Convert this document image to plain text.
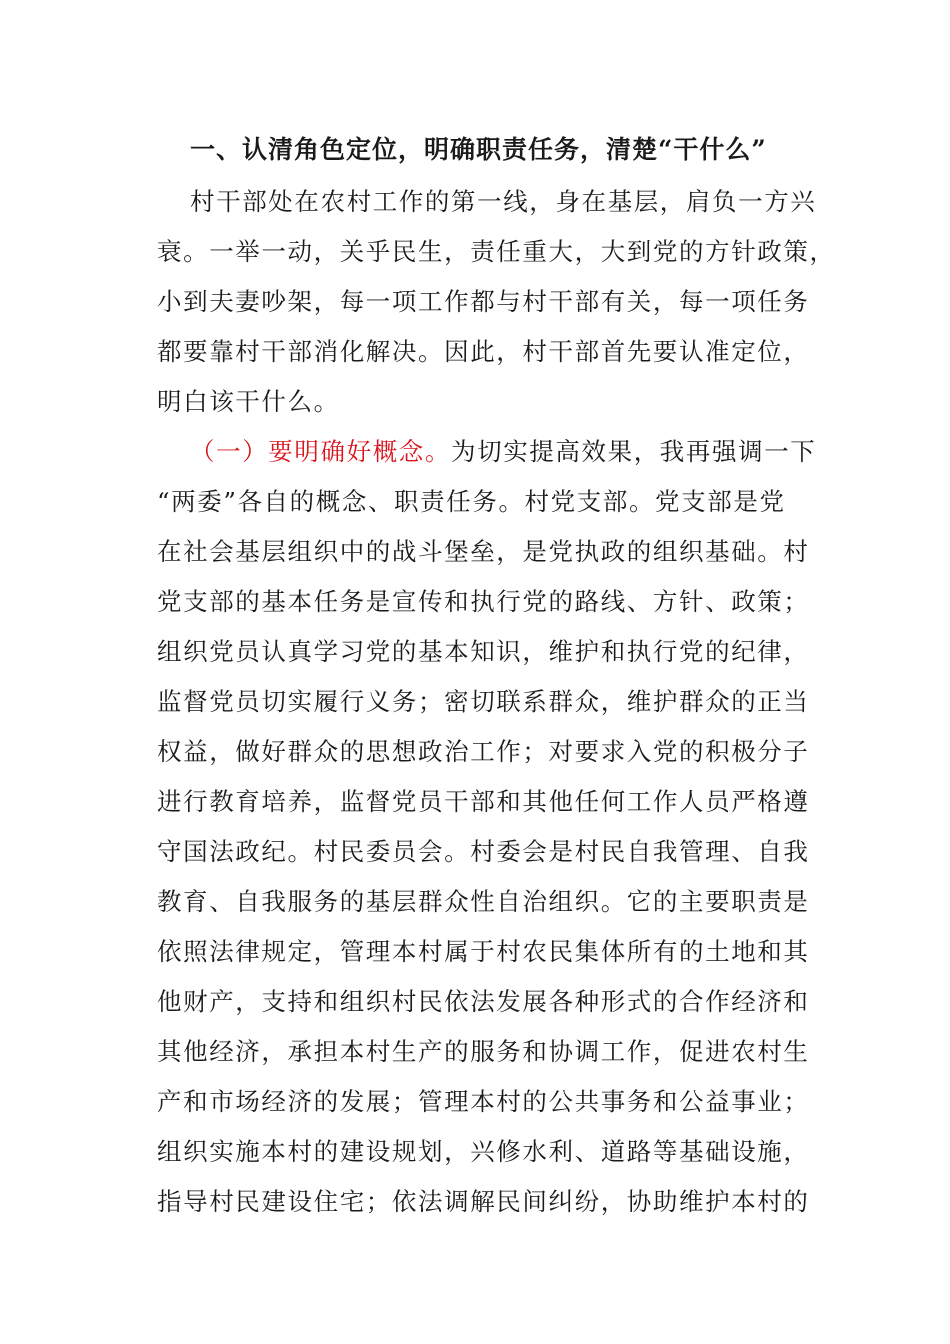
一、认清角色定位，明确职责任务，清楚“干什么”
村干部处在农村工作的第一线，身在基层，肩负一方兴
衰。一举一动，关乎民生，责任重大，大到党的方针政策，
小到夫妻吵架，每一项工作都与村干部有关，每一项任务
都要靠村干部消化解决。因此，村干部首先要认准定位，
明白该干什么。
（一）要明确好概念。为切实提高效果，我再强调一下
“两委”各自的概念、职责任务。村党支部。党支部是党
在社会基层组织中的战斗堡垒，是党执政的组织基础。村
党支部的基本任务是宣传和执行党的路线、方针、政策；
组织党员认真学习党的基本知识，维护和执行党的纪律，
监督党员切实履行义务；密切联系群众，维护群众的正当
权益，做好群众的思想政治工作；对要求入党的积极分子
进行教育培养，监督党员干部和其他任何工作人员严格遵
守国法政纪。村民委员会。村委会是村民自我管理、自我
教育、自我服务的基层群众性自治组织。它的主要职责是
依照法律规定，管理本村属于村农民集体所有的土地和其
他财产，支持和组织村民依法发展各种形式的合作经济和
其他经济，承担本村生产的服务和协调工作，促进农村生
产和市场经济的发展；管理本村的公共事务和公益事业；
组织实施本村的建设规划，兴修水利、道路等基础设施，
指导村民建设住宅；依法调解民间纠纷，协助维护本村的
